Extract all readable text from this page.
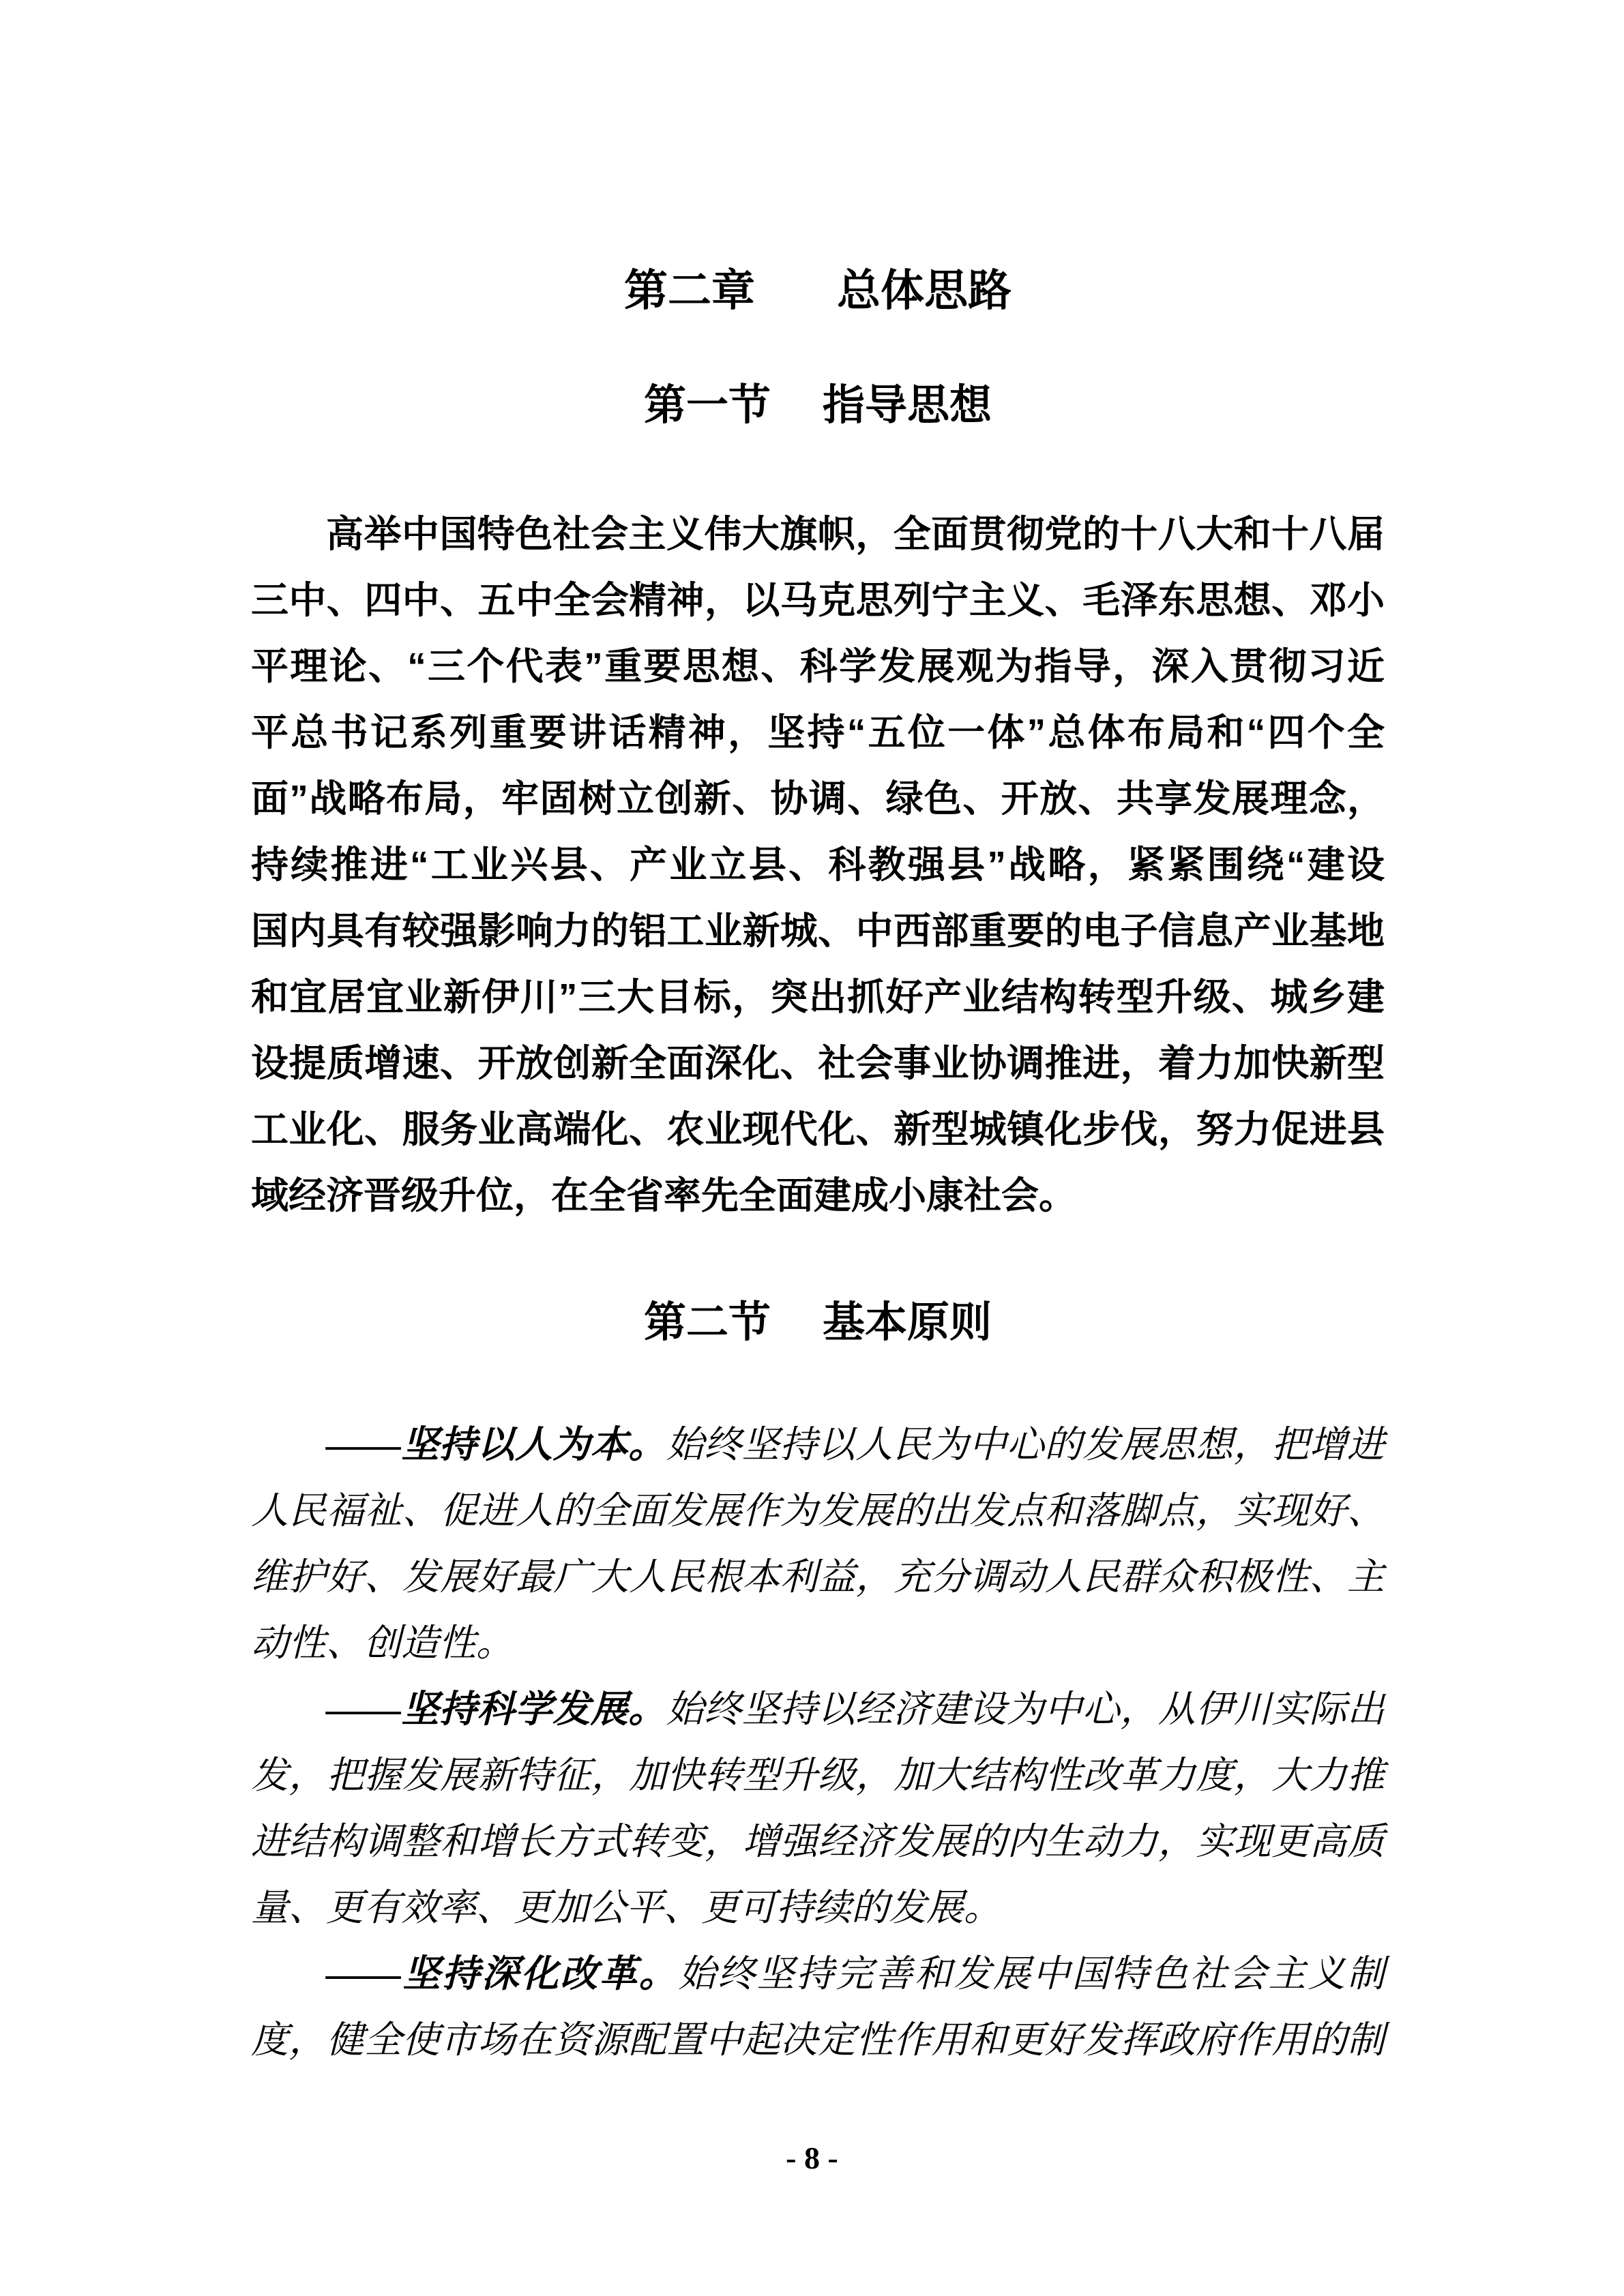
第二章 总体思路
第一节 指导思想
高举中国特色社会主义伟大旗帜，全面贯彻党的十八大和十八届
三中、四中、五中全会精神，以马克思列宁主义、毛泽东思想、邓小
平理论、“三个代表”重要思想、科学发展观为指导，深入贯彻习近
平总书记系列重要讲话精神，坚持“五位一体”总体布局和“四个全
面”战略布局，牢固树立创新、协调、绿色、开放、共享发展理念，
持续推进“工业兴县、产业立县、科教强县”战略，紧紧围绕“建设
国内具有较强影响力的铝工业新城、中西部重要的电子信息产业基地
和宜居宜业新伊川”三大目标，突出抓好产业结构转型升级、城乡建
设提质增速、开放创新全面深化、社会事业协调推进，着力加快新型
工业化、服务业高端化、农业现代化、新型城镇化步伐，努力促进县
域经济晋级升位，在全省率先全面建成小康社会。
第二节 基本原则
——坚持以人为本。始终坚持以人民为中心的发展思想，把增进
人民福祉、促进人的全面发展作为发展的出发点和落脚点，实现好、
维护好、发展好最广大人民根本利益，充分调动人民群众积极性、主
动性、创造性。
——坚持科学发展。始终坚持以经济建设为中心，从伊川实际出
发，把握发展新特征，加快转型升级，加大结构性改革力度，大力推
进结构调整和增长方式转变，增强经济发展的内生动力，实现更高质
量、更有效率、更加公平、更可持续的发展。
——坚持深化改革。始终坚持完善和发展中国特色社会主义制
度，健全使市场在资源配置中起决定性作用和更好发挥政府作用的制
- 8 -
